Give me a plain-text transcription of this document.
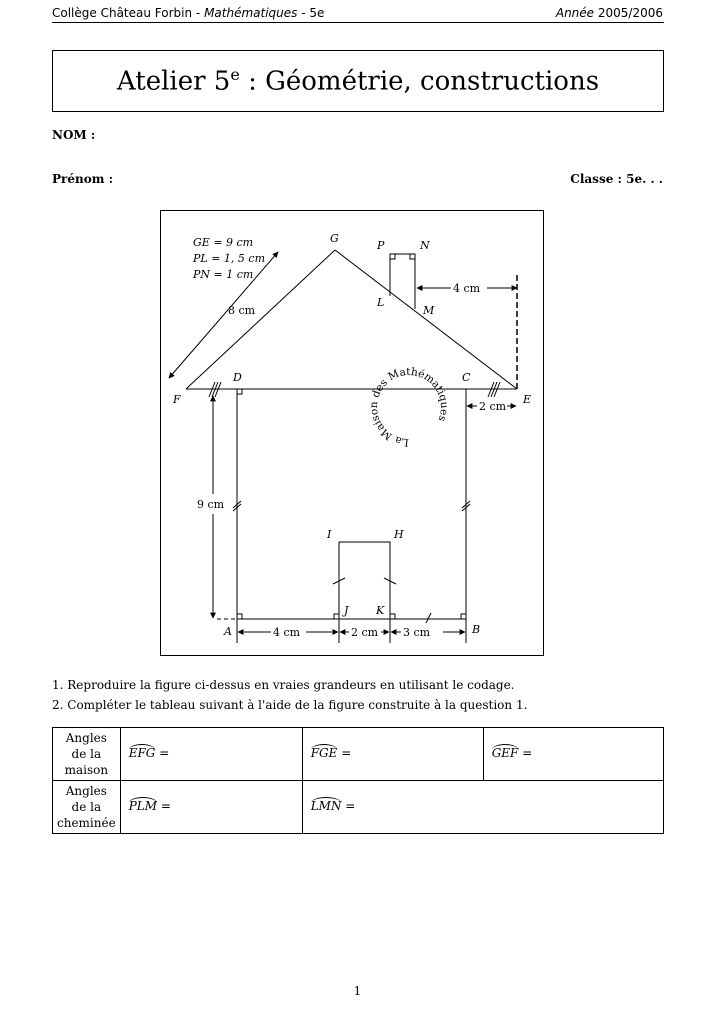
Collège Château Forbin - Mathématiques - 5e	Année 2005/2006
Atelier 5e : Géométrie, constructions
NOM :
Prénom :	Classe : 5e. . .
GE = 9 cm
PL = 1, 5 cm
PN = 1 cm
G
P	N
L
M
F
D	C
E
I	H
J	K
A	B
8 cm
4 cm
2 cm
9 cm
4 cm	2 cm 3 cm
La Maison des Mathématiques
1. Reproduire la figure ci-dessus en vraies grandeurs en utilisant le codage.
2. Compléter le tableau suivant à l'aide de la figure construite à la question 1.
Angles
de la
maison	EFG =	FGE =	GEF =

Angles
de la
cheminée	PLM =	LMN =	
1
